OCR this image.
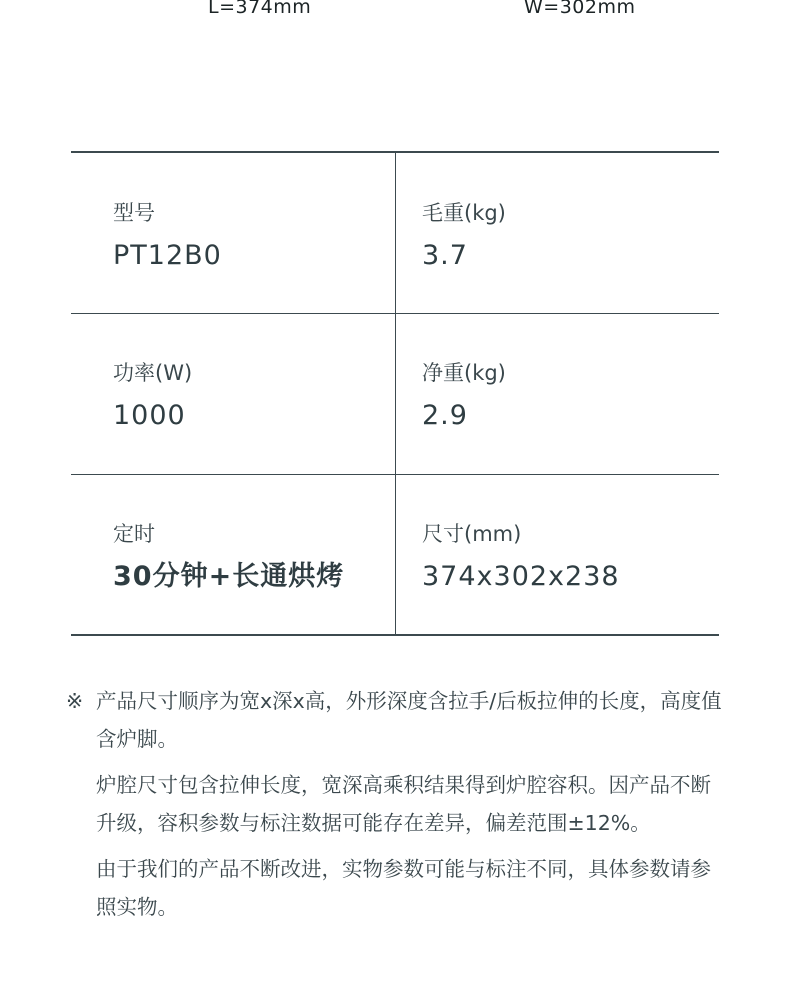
L=374mm	W=302mm
型号
PT12B0
毛重(kg)
3.7
功率(W)
1000
净重(kg)
2.9
定时
30分钟+长通烘烤
尺寸(mm)
374x302x238
※ 产品尺寸顺序为宽x深x高，外形深度含拉手/后板拉伸的长度，高度值含炉脚。
炉腔尺寸包含拉伸长度，宽深高乘积结果得到炉腔容积。因产品不断升级，容积参数与标注数据可能存在差异，偏差范围±12%。
由于我们的产品不断改进，实物参数可能与标注不同，具体参数请参照实物。
